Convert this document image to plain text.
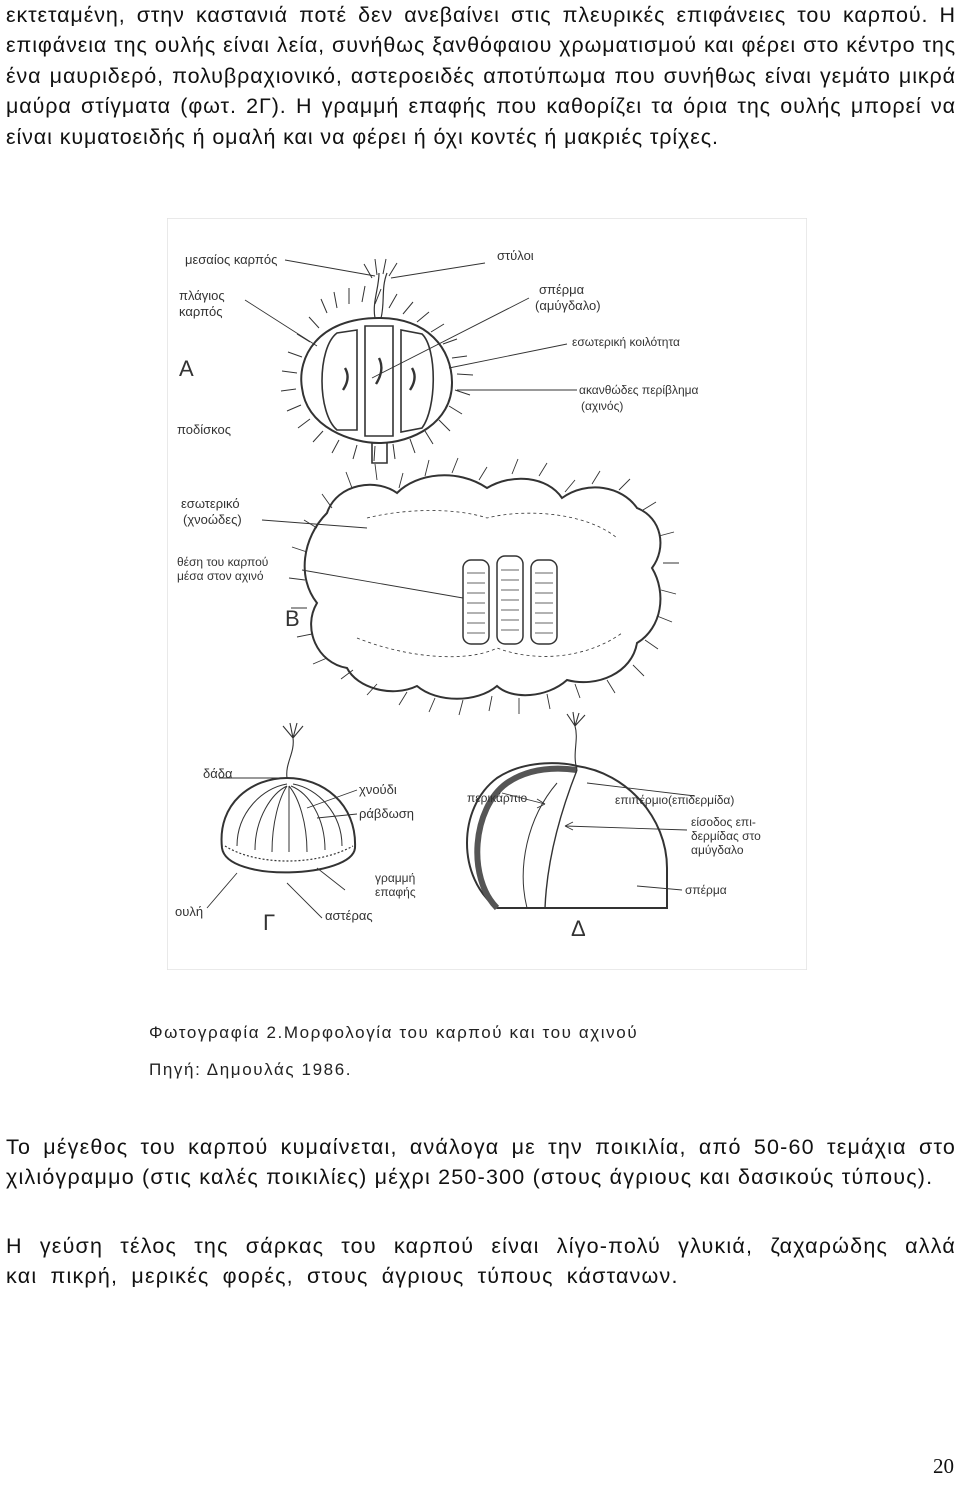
εκτεταμένη, στην καστανιά ποτέ δεν ανεβαίνει στις πλευρικές επιφάνειες του καρπού. Η επιφάνεια της ουλής είναι λεία, συνήθως ξανθόφαιου χρωματισμού και φέρει στο κέντρο της ένα μαυριδερό, πολυβραχιονικό, αστεροειδές αποτύπωμα που συνήθως είναι γεμάτο μικρά μαύρα στίγματα (φωτ. 2Γ). Η γραμμή επαφής που καθορίζει τα όρια της ουλής μπορεί να είναι κυματοειδής ή ομαλή και να φέρει ή όχι κοντές ή μακριές τρίχες.

μεσαίος καρπός	στύλοι
πλάγιος
καρπός
σπέρμα
(αμύγδαλο)
A
εσωτερική κοιλότητα
ακανθώδες περίβλημα
(αχινός)
ποδίσκος
εσωτερικό
(χνοώδες)
θέση του καρπού
μέσα στον αχινό
Β
δάδα
χνούδι
ράβδωση
γραμμή
επαφής
ουλή	αστέρας
Γ
περικάρπιο	επιπέρμιο(επιδερμίδα)
είσοδος επι-
δερμίδας στο
αμύγδαλο
σπέρμα
Δ
Φωτογραφία 2.Μορφολογία του καρπού και του αχινού
Πηγή: Δημουλάς 1986.

Το μέγεθος του καρπού κυμαίνεται, ανάλογα με την ποικιλία, από 50-60 τεμάχια στο χιλιόγραμμο (στις καλές ποικιλίες) μέχρι 250-300 (στους άγριους και δασικούς τύπους).

Η γεύση τέλος της σάρκας του καρπού είναι λίγο-πολύ γλυκιά, ζαχαρώδης αλλά και πικρή, μερικές φορές, στους άγριους τύπους κάστανων.

20
